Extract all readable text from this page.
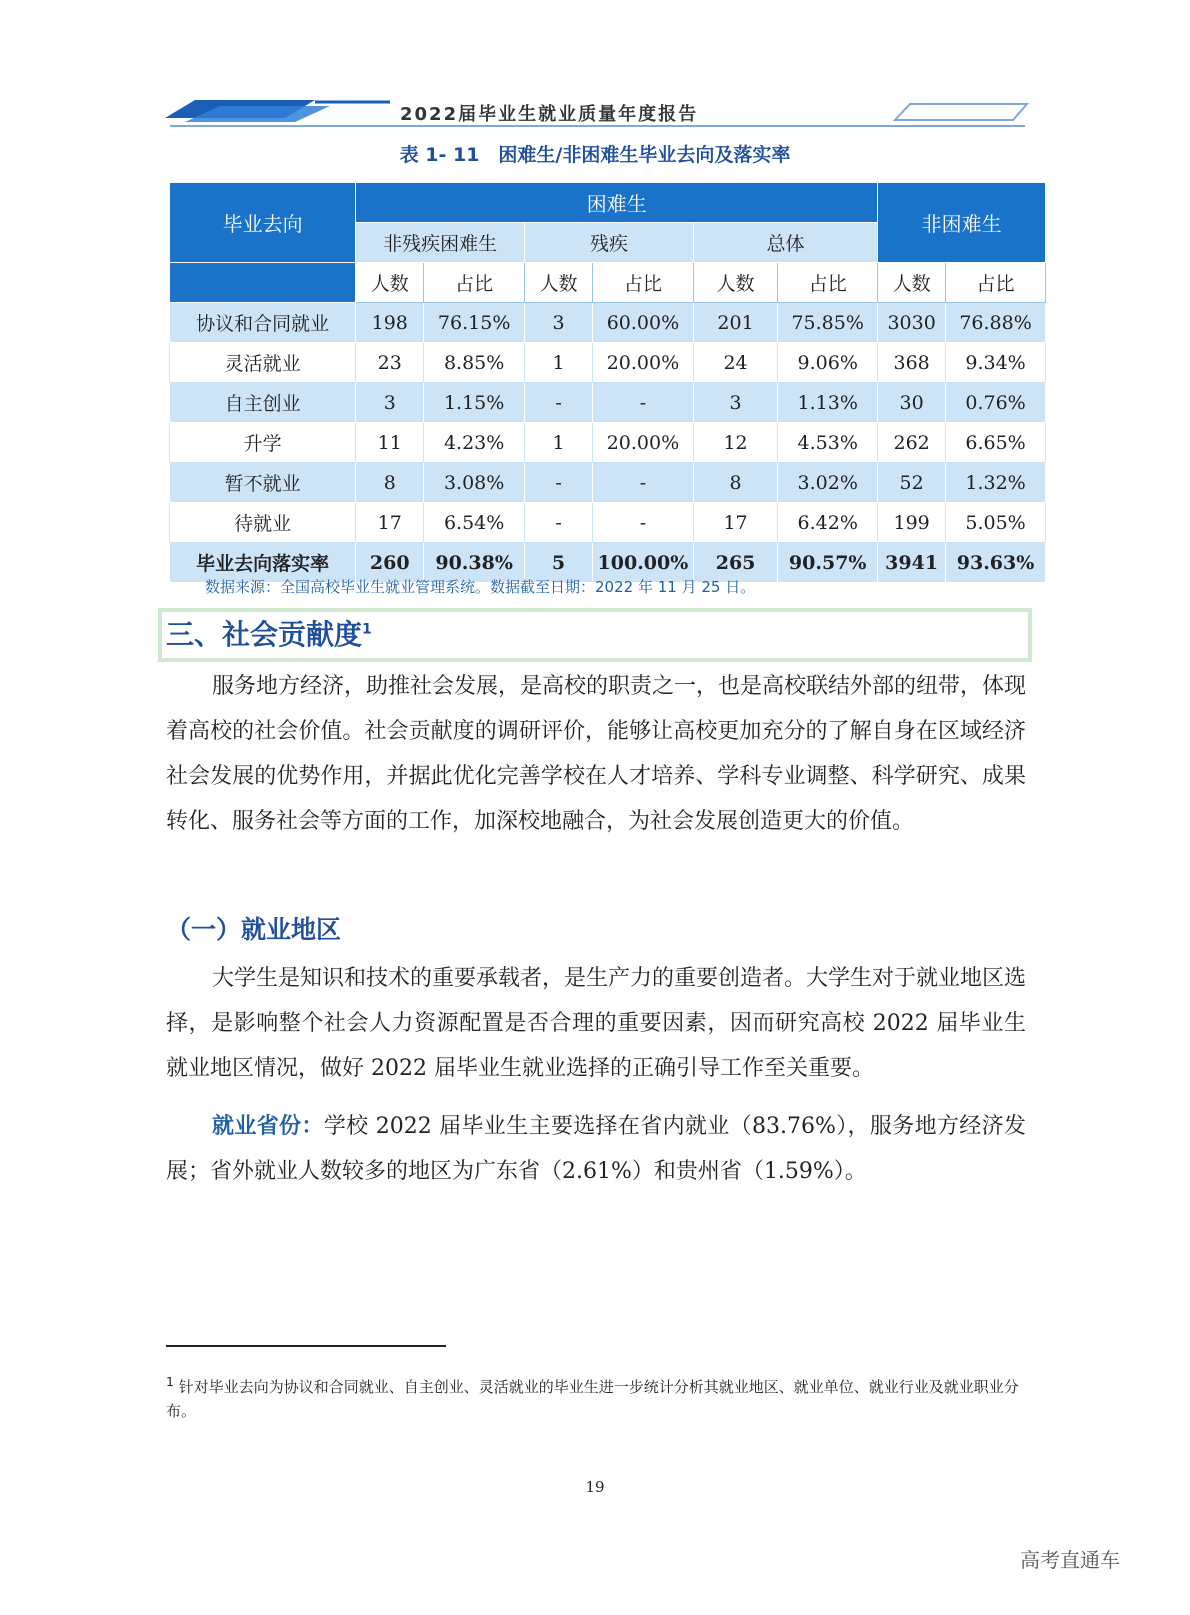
2022届毕业生就业质量年度报告
表 1- 11　困难生/非困难生毕业去向及落实率
毕业去向	困难生						非困难生	
	非残疾困难生		残疾		总体			
	人数	占比	人数	占比	人数	占比	人数	占比
协议和合同就业	198	76.15%	3	60.00%	201	75.85%	3030	76.88%
灵活就业	23	8.85%	1	20.00%	24	9.06%	368	9.34%
自主创业	3	1.15%	-	-	3	1.13%	30	0.76%
升学	11	4.23%	1	20.00%	12	4.53%	262	6.65%
暂不就业	8	3.08%	-	-	8	3.02%	52	1.32%
待就业	17	6.54%	-	-	17	6.42%	199	5.05%
毕业去向落实率	260	90.38%	5	100.00%	265	90.57%	3941	93.63%
数据来源：全国高校毕业生就业管理系统。数据截至日期：2022 年 11 月 25 日。
三、社会贡献度$^1$
服务地方经济，助推社会发展，是高校的职责之一，也是高校联结外部的纽带，体现着高校的社会价值。社会贡献度的调研评价，能够让高校更加充分的了解自身在区域经济社会发展的优势作用，并据此优化完善学校在人才培养、学科专业调整、科学研究、成果转化、服务社会等方面的工作，加深校地融合，为社会发展创造更大的价值。
（一）就业地区
大学生是知识和技术的重要承载者，是生产力的重要创造者。大学生对于就业地区选择，是影响整个社会人力资源配置是否合理的重要因素，因而研究高校 2022 届毕业生就业地区情况，做好 2022 届毕业生就业选择的正确引导工作至关重要。
就业省份：学校 2022 届毕业生主要选择在省内就业（83.76%），服务地方经济发展；省外就业人数较多的地区为广东省（2.61%）和贵州省（1.59%）。
$^1$ 针对毕业去向为协议和合同就业、自主创业、灵活就业的毕业生进一步统计分析其就业地区、就业单位、就业行业及就业职业分布。
19
高考直通车
